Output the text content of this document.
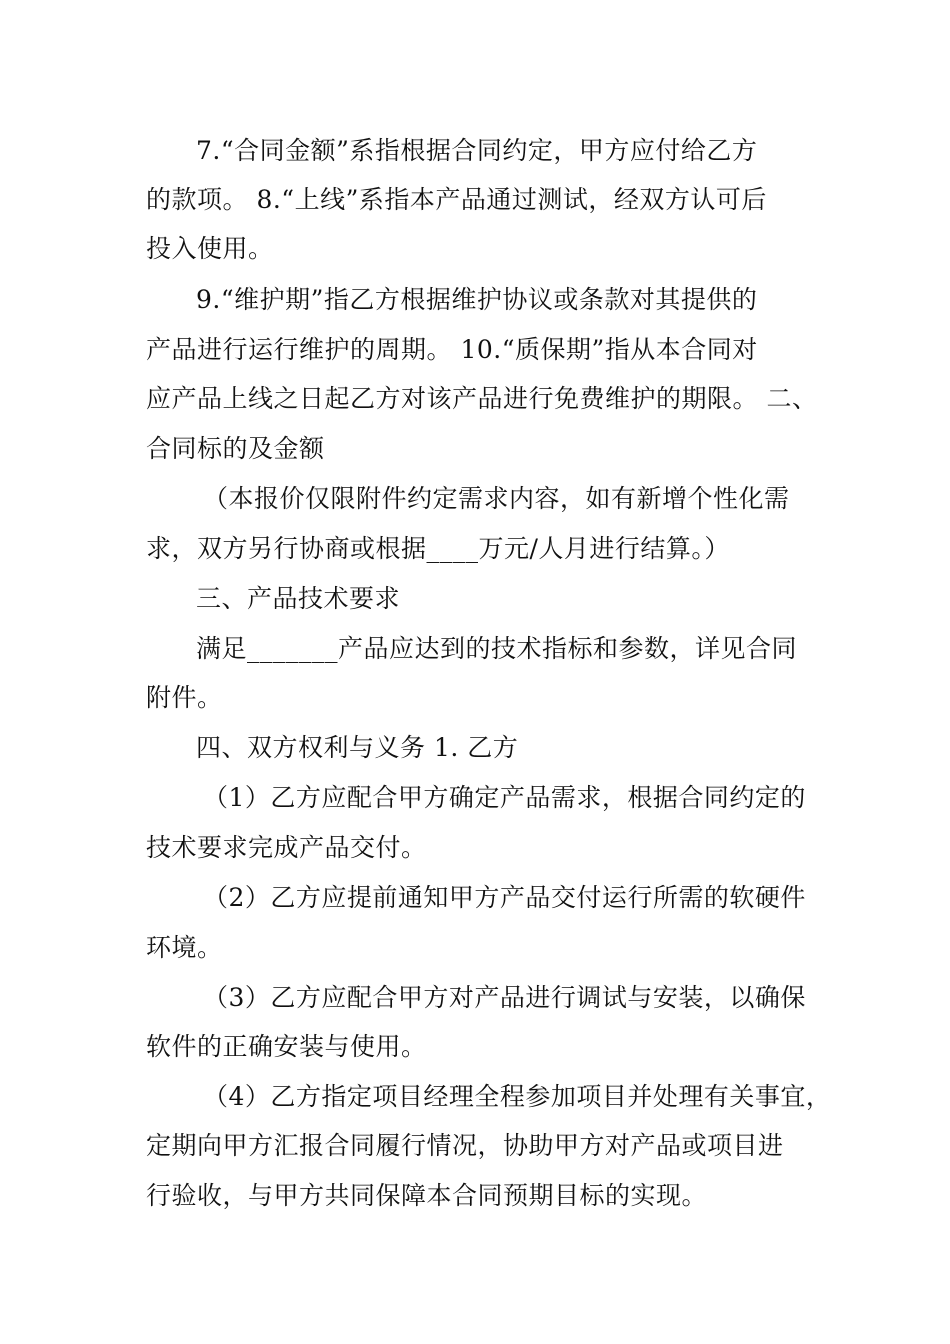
7.“合同金额”系指根据合同约定，甲方应付给乙方
的款项。 8.“上线”系指本产品通过测试，经双方认可后
投入使用。
9.“维护期”指乙方根据维护协议或条款对其提供的
产品进行运行维护的周期。 10.“质保期”指从本合同对
应产品上线之日起乙方对该产品进行免费维护的期限。 二、
合同标的及金额
（本报价仅限附件约定需求内容，如有新增个性化需
求，双方另行协商或根据____万元/人月进行结算。）
三、产品技术要求
满足_______产品应达到的技术指标和参数，详见合同
附件。
四、双方权利与义务 1. 乙方
（1）乙方应配合甲方确定产品需求，根据合同约定的
技术要求完成产品交付。
（2）乙方应提前通知甲方产品交付运行所需的软硬件
环境。
（3）乙方应配合甲方对产品进行调试与安装，以确保
软件的正确安装与使用。
（4）乙方指定项目经理全程参加项目并处理有关事宜，
定期向甲方汇报合同履行情况，协助甲方对产品或项目进
行验收，与甲方共同保障本合同预期目标的实现。
